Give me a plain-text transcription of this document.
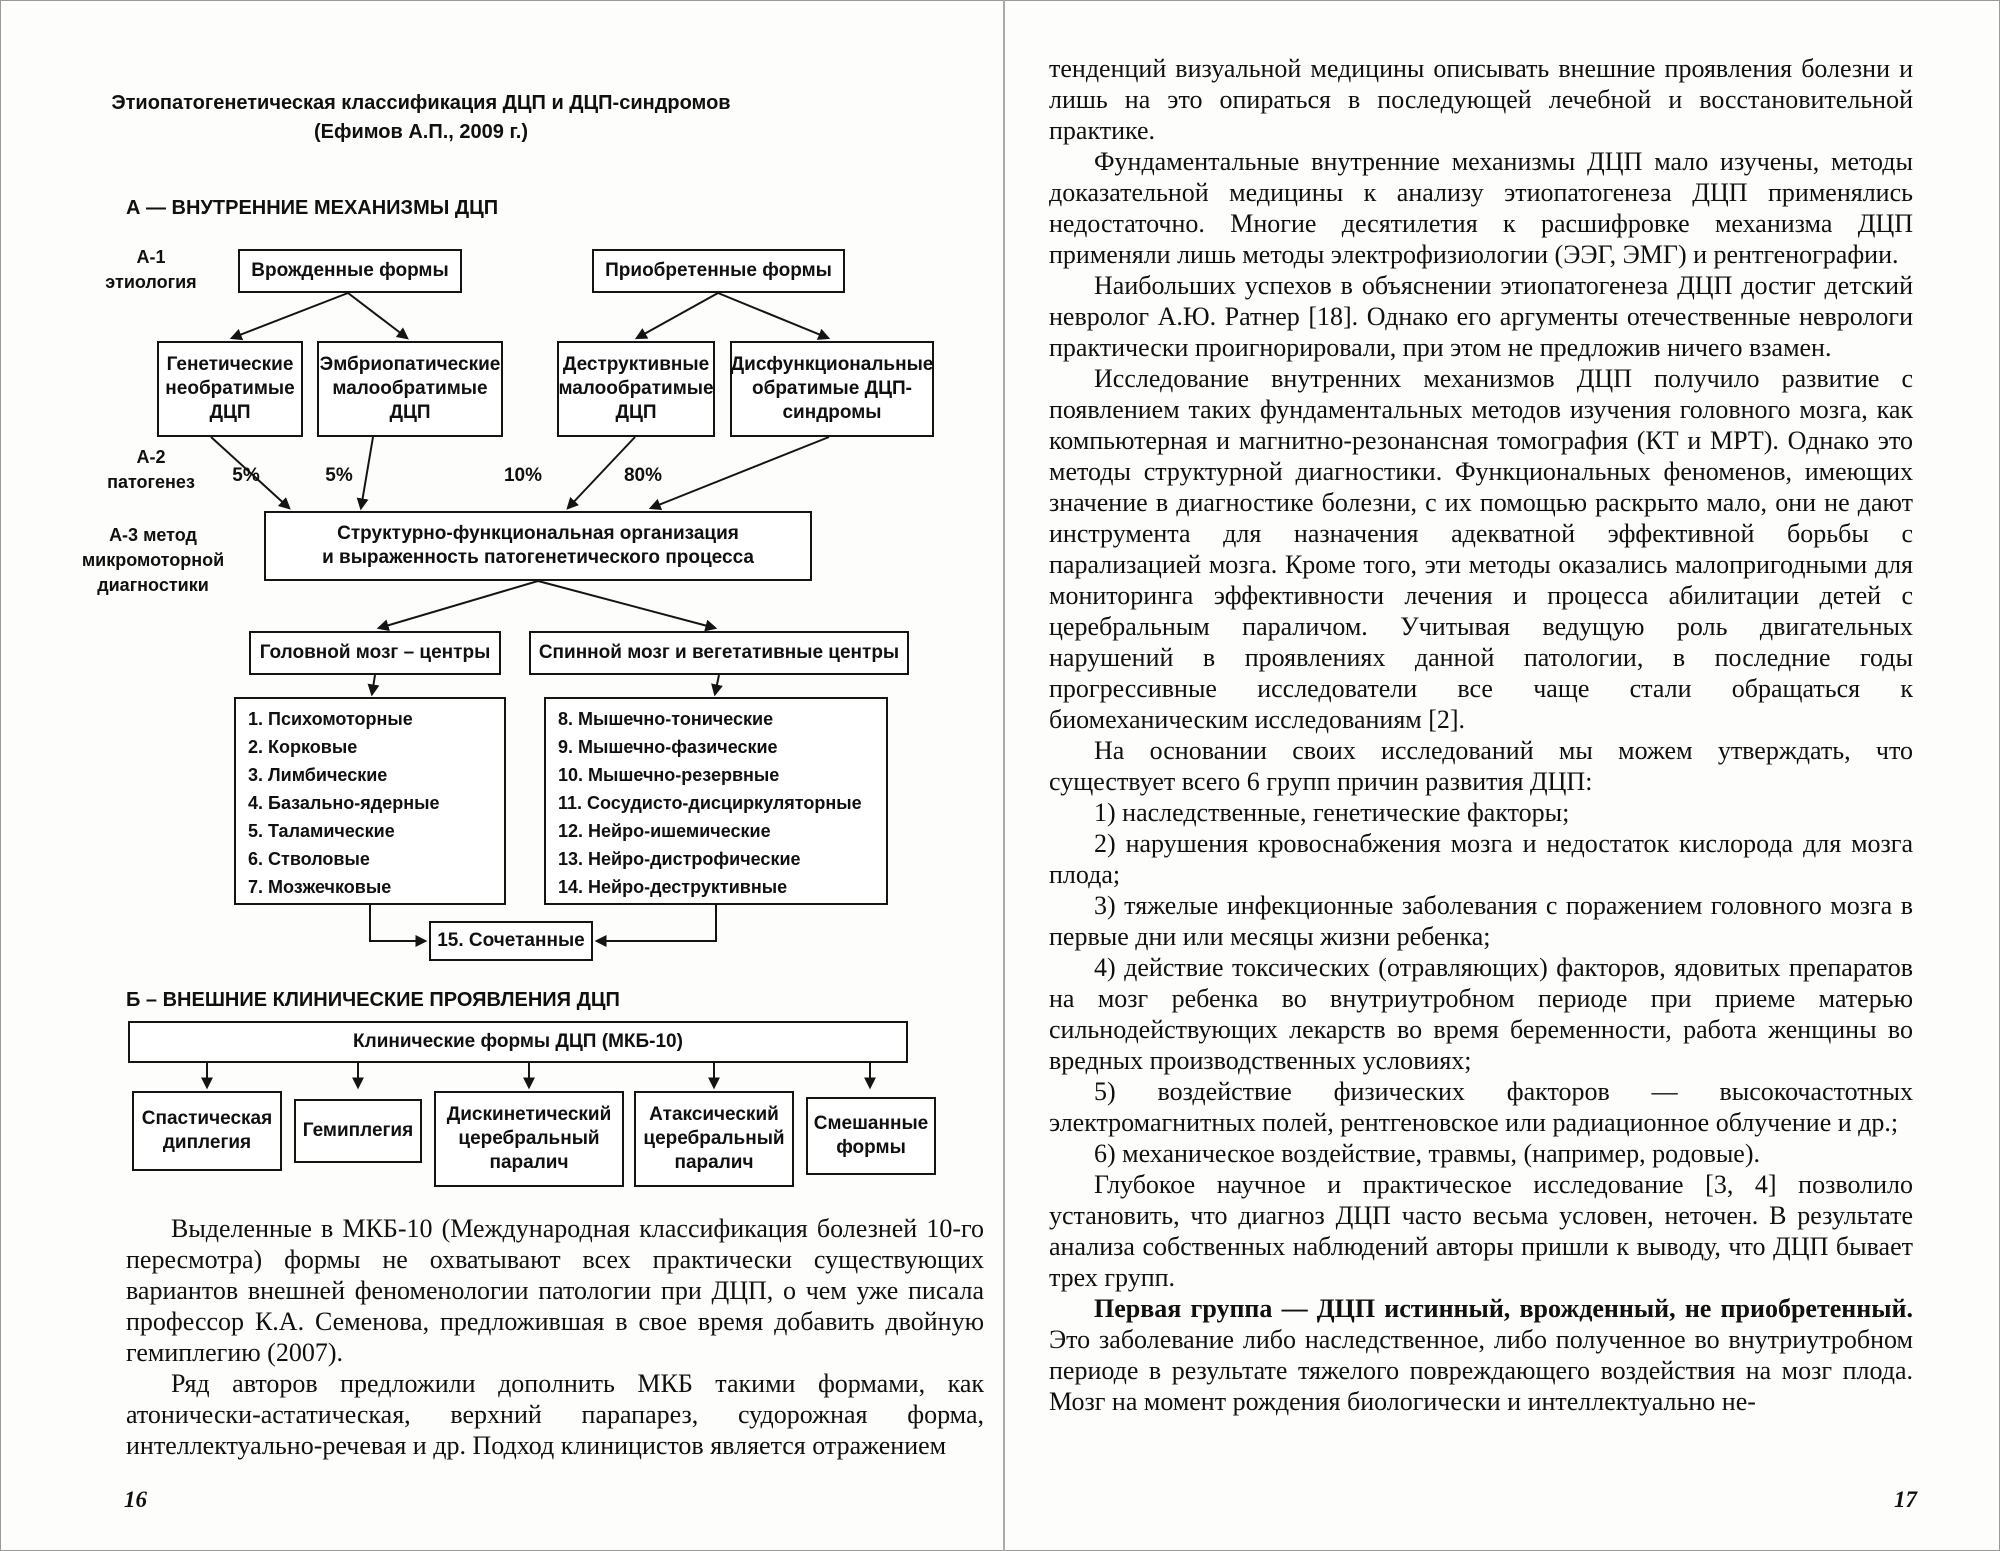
Этиопатогенетическая классификация ДЦП и ДЦП-синдромов
(Ефимов А.П., 2009 г.)
А — ВНУТРЕННИЕ МЕХАНИЗМЫ ДЦП
А-1
этиология
Врожденные формы	Приобретенные формы
Генетические необратимые ДЦП
Эмбриопатические малообратимые ДЦП
Деструктивные малообратимые ДЦП
Дисфункциональные обратимые ДЦП-синдромы
А-2
патогенез	5%	5%	10%	80%
Структурно-функциональная организация
и выраженность патогенетического процесса
А-3 метод
микромоторной
диагностики
Головной мозг – центры	Спинной мозг и вегетативные центры
1. Психомоторные
2. Корковые
3. Лимбические
4. Базально-ядерные
5. Таламические
6. Стволовые
7. Мозжечковые
8. Мышечно-тонические
9. Мышечно-фазические
10. Мышечно-резервные
11. Сосудисто-дисциркуляторные
12. Нейро-ишемические
13. Нейро-дистрофические
14. Нейро-деструктивные
15. Сочетанные
Б – ВНЕШНИЕ КЛИНИЧЕСКИЕ ПРОЯВЛЕНИЯ ДЦП
Клинические формы ДЦП (МКБ-10)
Спастическая диплегия
Гемиплегия
Дискинетический церебральный паралич
Атаксический церебральный паралич
Смешанные формы

Выделенные в МКБ-10 (Международная классификация болезней 10-го пересмотра) формы не охватывают всех практически существующих вариантов внешней феноменологии патологии при ДЦП, о чем уже писала профессор К.А. Семенова, предложившая в свое время добавить двойную гемиплегию (2007).

Ряд авторов предложили дополнить МКБ такими формами, как атонически-астатическая, верхний парапарез, судорожная форма, интеллектуально-речевая и др. Подход клиницистов является отражением

16

тенденций визуальной медицины описывать внешние проявления болезни и лишь на это опираться в последующей лечебной и восстановительной практике.

Фундаментальные внутренние механизмы ДЦП мало изучены, методы доказательной медицины к анализу этиопатогенеза ДЦП применялись недостаточно. Многие десятилетия к расшифровке механизма ДЦП применяли лишь методы электрофизиологии (ЭЭГ, ЭМГ) и рентгенографии.

Наибольших успехов в объяснении этиопатогенеза ДЦП достиг детский невролог А.Ю. Ратнер [18]. Однако его аргументы отечественные неврологи практически проигнорировали, при этом не предложив ничего взамен.

Исследование внутренних механизмов ДЦП получило развитие с появлением таких фундаментальных методов изучения головного мозга, как компьютерная и магнитно-резонансная томография (КТ и МРТ). Однако это методы структурной диагностики. Функциональных феноменов, имеющих значение в диагностике болезни, с их помощью раскрыто мало, они не дают инструмента для назначения адекватной эффективной борьбы с парализацией мозга. Кроме того, эти методы оказались малопригодными для мониторинга эффективности лечения и процесса абилитации детей с церебральным параличом. Учитывая ведущую роль двигательных нарушений в проявлениях данной патологии, в последние годы прогрессивные исследователи все чаще стали обращаться к биомеханическим исследованиям [2].

На основании своих исследований мы можем утверждать, что существует всего 6 групп причин развития ДЦП:

1) наследственные, генетические факторы;

2) нарушения кровоснабжения мозга и недостаток кислорода для мозга плода;

3) тяжелые инфекционные заболевания с поражением головного мозга в первые дни или месяцы жизни ребенка;

4) действие токсических (отравляющих) факторов, ядовитых препаратов на мозг ребенка во внутриутробном периоде при приеме матерью сильнодействующих лекарств во время беременности, работа женщины во вредных производственных условиях;

5) воздействие физических факторов — высокочастотных электромагнитных полей, рентгеновское или радиационное облучение и др.;

6) механическое воздействие, травмы, (например, родовые).

Глубокое научное и практическое исследование [3, 4] позволило установить, что диагноз ДЦП часто весьма условен, неточен. В результате анализа собственных наблюдений авторы пришли к выводу, что ДЦП бывает трех групп.

Первая группа — ДЦП истинный, врожденный, не приобретенный. Это заболевание либо наследственное, либо полученное во внутриутробном периоде в результате тяжелого повреждающего воздействия на мозг плода. Мозг на момент рождения биологически и интеллектуально не-

17
